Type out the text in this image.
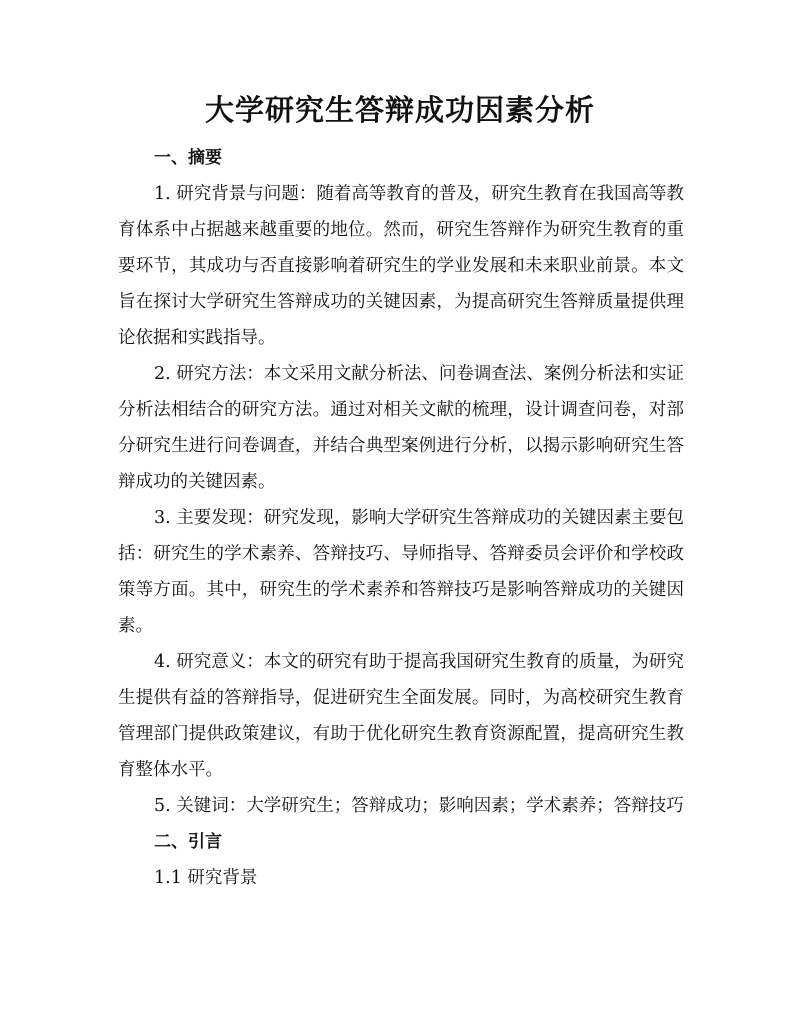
大学研究生答辩成功因素分析
一、摘要

1. 研究背景与问题：随着高等教育的普及，研究生教育在我国高等教育体系中占据越来越重要的地位。然而，研究生答辩作为研究生教育的重要环节，其成功与否直接影响着研究生的学业发展和未来职业前景。本文旨在探讨大学研究生答辩成功的关键因素，为提高研究生答辩质量提供理论依据和实践指导。

2. 研究方法：本文采用文献分析法、问卷调查法、案例分析法和实证分析法相结合的研究方法。通过对相关文献的梳理，设计调查问卷，对部分研究生进行问卷调查，并结合典型案例进行分析，以揭示影响研究生答辩成功的关键因素。

3. 主要发现：研究发现，影响大学研究生答辩成功的关键因素主要包括：研究生的学术素养、答辩技巧、导师指导、答辩委员会评价和学校政策等方面。其中，研究生的学术素养和答辩技巧是影响答辩成功的关键因素。

4. 研究意义：本文的研究有助于提高我国研究生教育的质量，为研究生提供有益的答辩指导，促进研究生全面发展。同时，为高校研究生教育管理部门提供政策建议，有助于优化研究生教育资源配置，提高研究生教育整体水平。

5. 关键词：大学研究生；答辩成功；影响因素；学术素养；答辩技巧

二、引言
1.1 研究背景
